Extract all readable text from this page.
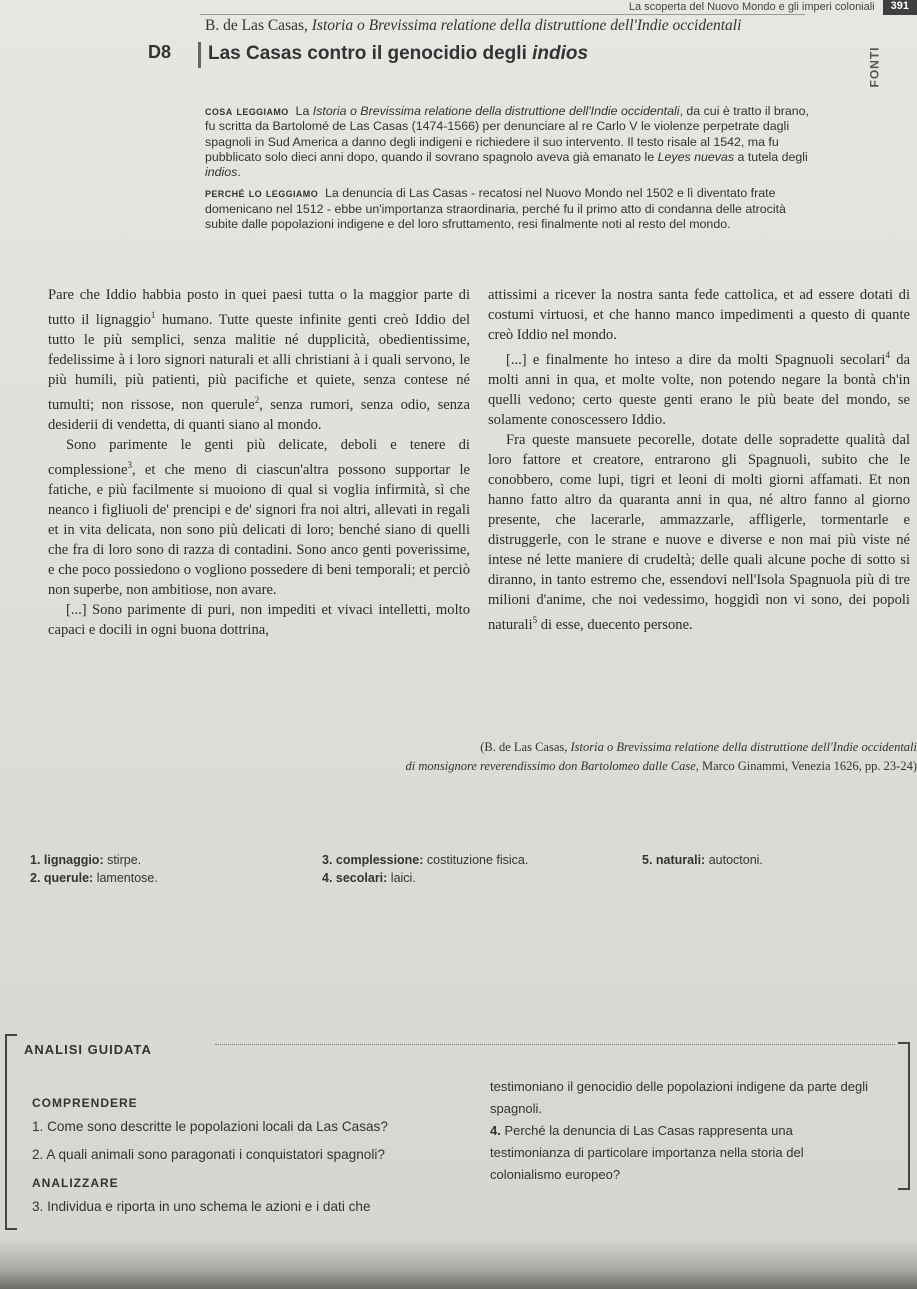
La scoperta del Nuovo Mondo e gli imperi coloniali	391
FONTI
B. de Las Casas, Istoria o Brevissima relatione della distruttione dell'Indie occidentali
D8 Las Casas contro il genocidio degli indios

cosa leggiamo La Istoria o Brevissima relatione della distruttione dell'Indie occidentali, da cui è tratto il brano, fu scritta da Bartolomé de Las Casas (1474-1566) per denunciare al re Carlo V le violenze perpetrate dagli spagnoli in Sud America a danno degli indigeni e richiedere il suo intervento. Il testo risale al 1542, ma fu pubblicato solo dieci anni dopo, quando il sovrano spagnolo aveva già emanato le Leyes nuevas a tutela degli indios.

perché lo leggiamo La denuncia di Las Casas - recatosi nel Nuovo Mondo nel 1502 e lì diventato frate domenicano nel 1512 - ebbe un'importanza straordinaria, perché fu il primo atto di condanna delle atrocità subite dalle popolazioni indigene e del loro sfruttamento, resi finalmente noti al resto del mondo.

Pare che Iddio habbia posto in quei paesi tutta o la maggior parte di tutto il lignaggio$^1$ humano. Tutte queste infinite genti creò Iddio del tutto le più semplici, senza malitie né dupplicità, obedientissime, fedelissime à i loro signori naturali et alli christiani à i quali servono, le più humili, più patienti, più pacifiche et quiete, senza contese né tumulti; non rissose, non querule$^2$, senza rumori, senza odio, senza desiderii di vendetta, di quanti siano al mondo.

Sono parimente le genti più delicate, deboli e tenere di complessione$^3$, et che meno di ciascun'altra possono supportar le fatiche, e più facilmente si muoiono di qual si voglia infirmità, sì che neanco i figliuoli de' prencipi e de' signori fra noi altri, allevati in regali et in vita delicata, non sono più delicati di loro; benché siano di quelli che fra di loro sono di razza di contadini. Sono anco genti poverissime, e che poco possiedono o vogliono possedere di beni temporali; et perciò non superbe, non ambitiose, non avare.

[...] Sono parimente di puri, non impediti et vivaci intelletti, molto capaci e docili in ogni buona dottrina,

attissimi a ricever la nostra santa fede cattolica, et ad essere dotati di costumi virtuosi, et che hanno manco impedimenti a questo di quante creò Iddio nel mondo.

[...] e finalmente ho inteso a dire da molti Spagnuoli secolari$^4$ da molti anni in qua, et molte volte, non potendo negare la bontà ch'in quelli vedono; certo queste genti erano le più beate del mondo, se solamente conoscessero Iddio.

Fra queste mansuete pecorelle, dotate delle sopradette qualità dal loro fattore et creatore, entrarono gli Spagnuoli, subito che le conobbero, come lupi, tigri et leoni di molti giorni affamati. Et non hanno fatto altro da quaranta anni in qua, né altro fanno al giorno presente, che lacerarle, ammazzarle, affligerle, tormentarle e distruggerle, con le strane e nuove e diverse e non mai più viste né intese né lette maniere di crudeltà; delle quali alcune poche di sotto si diranno, in tanto estremo che, essendovi nell'Isola Spagnuola più di tre milioni d'anime, che noi vedessimo, hoggidì non vi sono, dei popoli naturali$^5$ di esse, duecento persone.

(B. de Las Casas, Istoria o Brevissima relatione della distruttione dell'Indie occidentali
di monsignore reverendissimo don Bartolomeo dalle Case, Marco Ginammi, Venezia 1626, pp. 23-24)
1. lignaggio: stirpe.
2. querule: lamentose.
3. complessione: costituzione fisica.
4. secolari: laici.
5. naturali: autoctoni.
ANALISI GUIDATA
COMPRENDERE

1. Come sono descritte le popolazioni locali da Las Casas?

2. A quali animali sono paragonati i conquistatori spagnoli?

ANALIZZARE

3. Individua e riporta in uno schema le azioni e i dati che

testimoniano il genocidio delle popolazioni indigene da parte degli spagnoli.

4. Perché la denuncia di Las Casas rappresenta una testimonianza di particolare importanza nella storia del colonialismo europeo?
